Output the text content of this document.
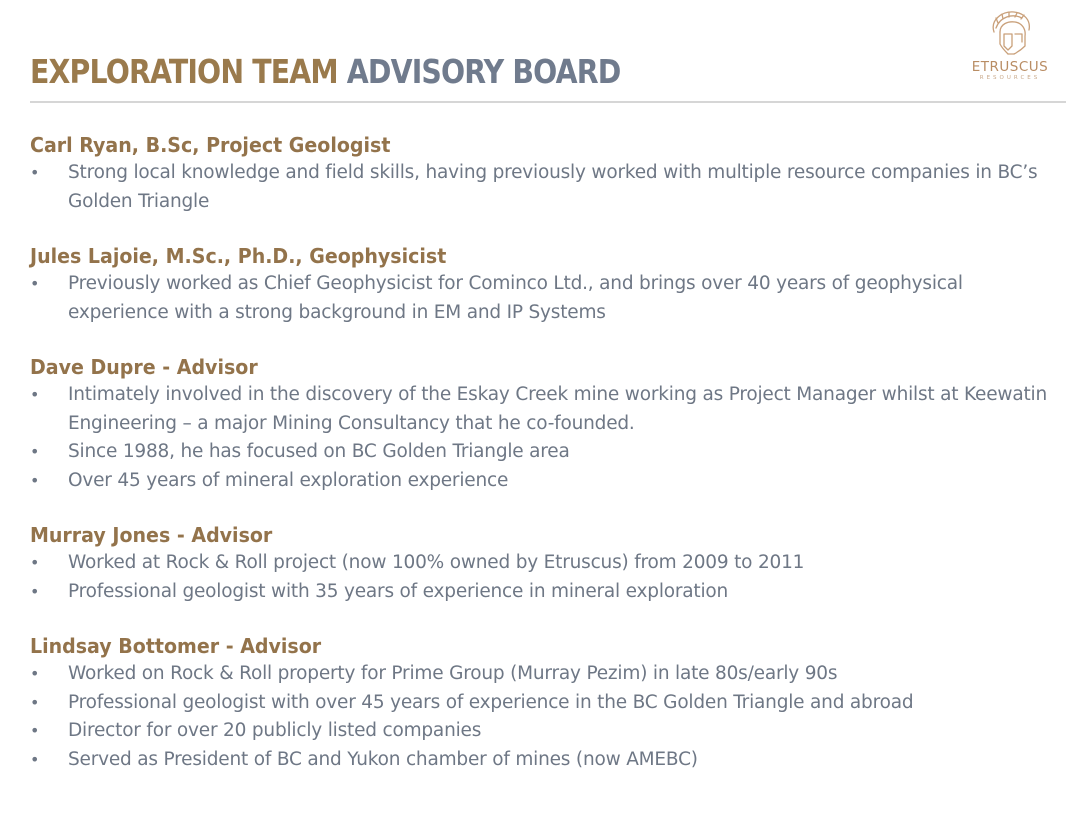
EXPLORATION TEAM ADVISORY BOARD	ETRUSCUS
RESOURCES
Carl Ryan, B.Sc, Project Geologist
• Strong local knowledge and field skills, having previously worked with multiple resource companies in BC’s Golden Triangle
Jules Lajoie, M.Sc., Ph.D., Geophysicist
• Previously worked as Chief Geophysicist for Cominco Ltd., and brings over 40 years of geophysical experience with a strong background in EM and IP Systems
Dave Dupre - Advisor
• Intimately involved in the discovery of the Eskay Creek mine working as Project Manager whilst at Keewatin Engineering – a major Mining Consultancy that he co-founded.
• Since 1988, he has focused on BC Golden Triangle area
• Over 45 years of mineral exploration experience
Murray Jones - Advisor
• Worked at Rock & Roll project (now 100% owned by Etruscus) from 2009 to 2011
• Professional geologist with 35 years of experience in mineral exploration
Lindsay Bottomer - Advisor
• Worked on Rock & Roll property for Prime Group (Murray Pezim) in late 80s/early 90s
• Professional geologist with over 45 years of experience in the BC Golden Triangle and abroad
• Director for over 20 publicly listed companies
• Served as President of BC and Yukon chamber of mines (now AMEBC)
